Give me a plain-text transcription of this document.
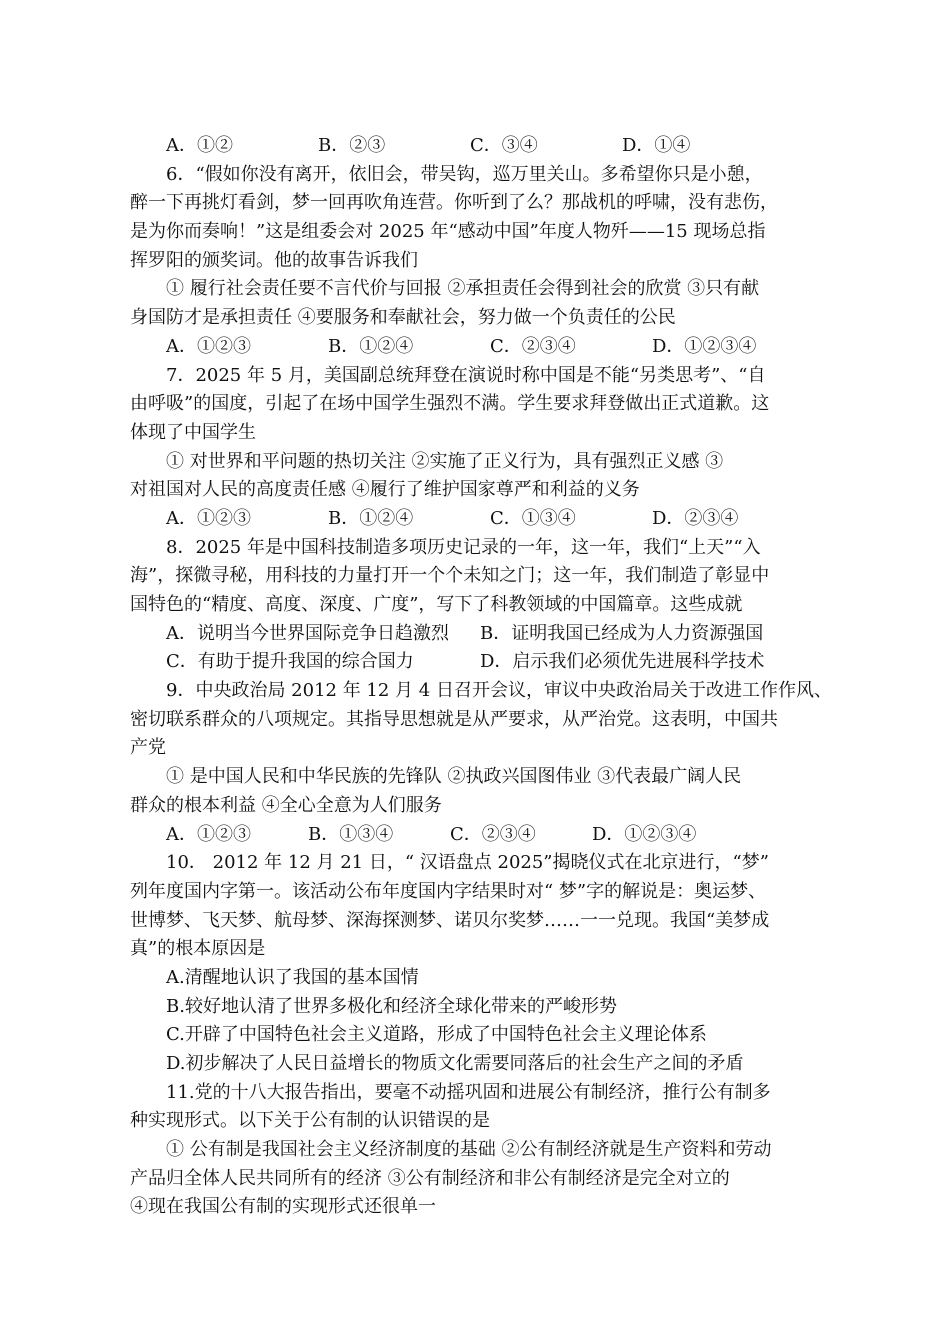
A．①②	B．②③	C．③④	D．①④
6．“假如你没有离开，依旧会，带吴钩，巡万里关山。多希望你只是小憩，
醉一下再挑灯看剑，梦一回再吹角连营。你听到了么？那战机的呼啸，没有悲伤，
是为你而奏响！”这是组委会对 2025 年“感动中国”年度人物歼——15 现场总指
挥罗阳的颁奖词。他的故事告诉我们
① 履行社会责任要不言代价与回报 ②承担责任会得到社会的欣赏 ③只有献
身国防才是承担责任 ④要服务和奉献社会，努力做一个负责任的公民
A．①②③	B．①②④	C．②③④	D．①②③④
7．2025 年 5 月，美国副总统拜登在演说时称中国是不能“另类思考”、“自
由呼吸”的国度，引起了在场中国学生强烈不满。学生要求拜登做出正式道歉。这
体现了中国学生
① 对世界和平问题的热切关注 ②实施了正义行为，具有强烈正义感 ③
对祖国对人民的高度责任感 ④履行了维护国家尊严和利益的义务
A．①②③	B．①②④	C．①③④	D．②③④
8．2025 年是中国科技制造多项历史记录的一年，这一年，我们“上天”“入
海”，探微寻秘，用科技的力量打开一个个未知之门；这一年，我们制造了彰显中
国特色的“精度、高度、深度、广度”，写下了科教领域的中国篇章。这些成就
A．说明当今世界国际竞争日趋激烈	B．证明我国已经成为人力资源强国
C．有助于提升我国的综合国力	D．启示我们必须优先进展科学技术
9．中央政治局 2012 年 12 月 4 日召开会议，审议中央政治局关于改进工作作风、
密切联系群众的八项规定。其指导思想就是从严要求，从严治党。这表明，中国共
产党
① 是中国人民和中华民族的先锋队 ②执政兴国图伟业 ③代表最广阔人民
群众的根本利益 ④全心全意为人们服务
A．①②③	B．①③④	C．②③④	D．①②③④
10． 2012 年 12 月 21 日，“ 汉语盘点 2025”揭晓仪式在北京进行，“梦”
列年度国内字第一。该活动公布年度国内字结果时对“ 梦”字的解说是：奥运梦、
世博梦、飞天梦、航母梦、深海探测梦、诺贝尔奖梦……一一兑现。我国“美梦成
真”的根本原因是
A.清醒地认识了我国的基本国情
B.较好地认清了世界多极化和经济全球化带来的严峻形势
C.开辟了中国特色社会主义道路，形成了中国特色社会主义理论体系
D.初步解决了人民日益增长的物质文化需要同落后的社会生产之间的矛盾
11.党的十八大报告指出，要毫不动摇巩固和进展公有制经济，推行公有制多
种实现形式。以下关于公有制的认识错误的是
① 公有制是我国社会主义经济制度的基础 ②公有制经济就是生产资料和劳动
产品归全体人民共同所有的经济 ③公有制经济和非公有制经济是完全对立的
④现在我国公有制的实现形式还很单一
